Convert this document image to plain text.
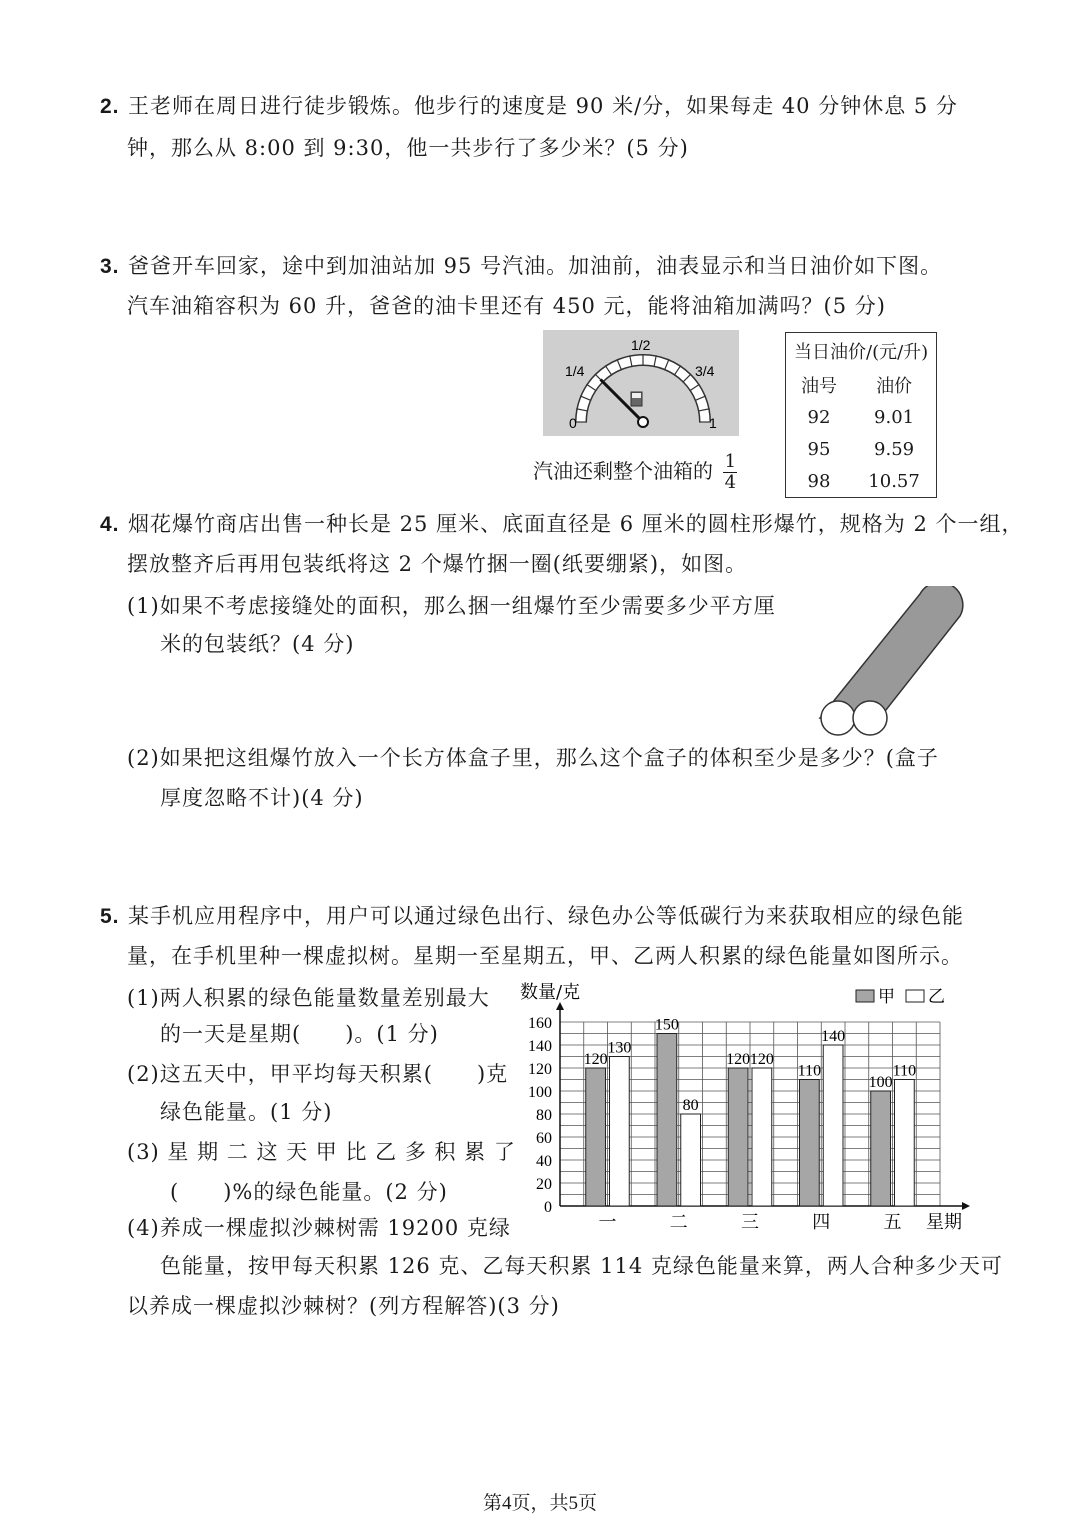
2. 王老师在周日进行徒步锻炼。他步行的速度是 90 米/分，如果每走 40 分钟休息 5 分
钟，那么从 8:00 到 9:30，他一共步行了多少米？(5 分)
3. 爸爸开车回家，途中到加油站加 95 号汽油。加油前，油表显示和当日油价如下图。
汽车油箱容积为 60 升，爸爸的油卡里还有 450 元，能将油箱加满吗？(5 分)
0
1/4
1/2
3/4
1
汽油还剩整个油箱的 $\frac{1}{4}$
当日油价/(元/升)	
油号	油价
92	9.01
95	9.59
98	10.57
4. 烟花爆竹商店出售一种长是 25 厘米、底面直径是 6 厘米的圆柱形爆竹，规格为 2 个一组，
摆放整齐后再用包装纸将这 2 个爆竹捆一圈(纸要绷紧)，如图。
(1)如果不考虑接缝处的面积，那么捆一组爆竹至少需要多少平方厘
米的包装纸？(4 分)
(2)如果把这组爆竹放入一个长方体盒子里，那么这个盒子的体积至少是多少？(盒子
厚度忽略不计)(4 分)
5. 某手机应用程序中，用户可以通过绿色出行、绿色办公等低碳行为来获取相应的绿色能
量，在手机里种一棵虚拟树。星期一至星期五，甲、乙两人积累的绿色能量如图所示。
(1)两人积累的绿色能量数量差别最大
的一天是星期(　　)。(1 分)
(2)这五天中，甲平均每天积累(　　)克
绿色能量。(1 分)
(3) 星 期 二 这 天 甲 比 乙 多 积 累 了
(　　)%的绿色能量。(2 分)
(4)养成一棵虚拟沙棘树需 19200 克绿
色能量，按甲每天积累 126 克、乙每天积累 114 克绿色能量来算，两人合种多少天可
以养成一棵虚拟沙棘树？(列方程解答)(3 分)
0
20
40
60
80
100
120
140
160
数量/克
120
130
一
150
80
二
120 120
三
110
140
四
100
110
五 星期
甲 乙
第4页，共5页
